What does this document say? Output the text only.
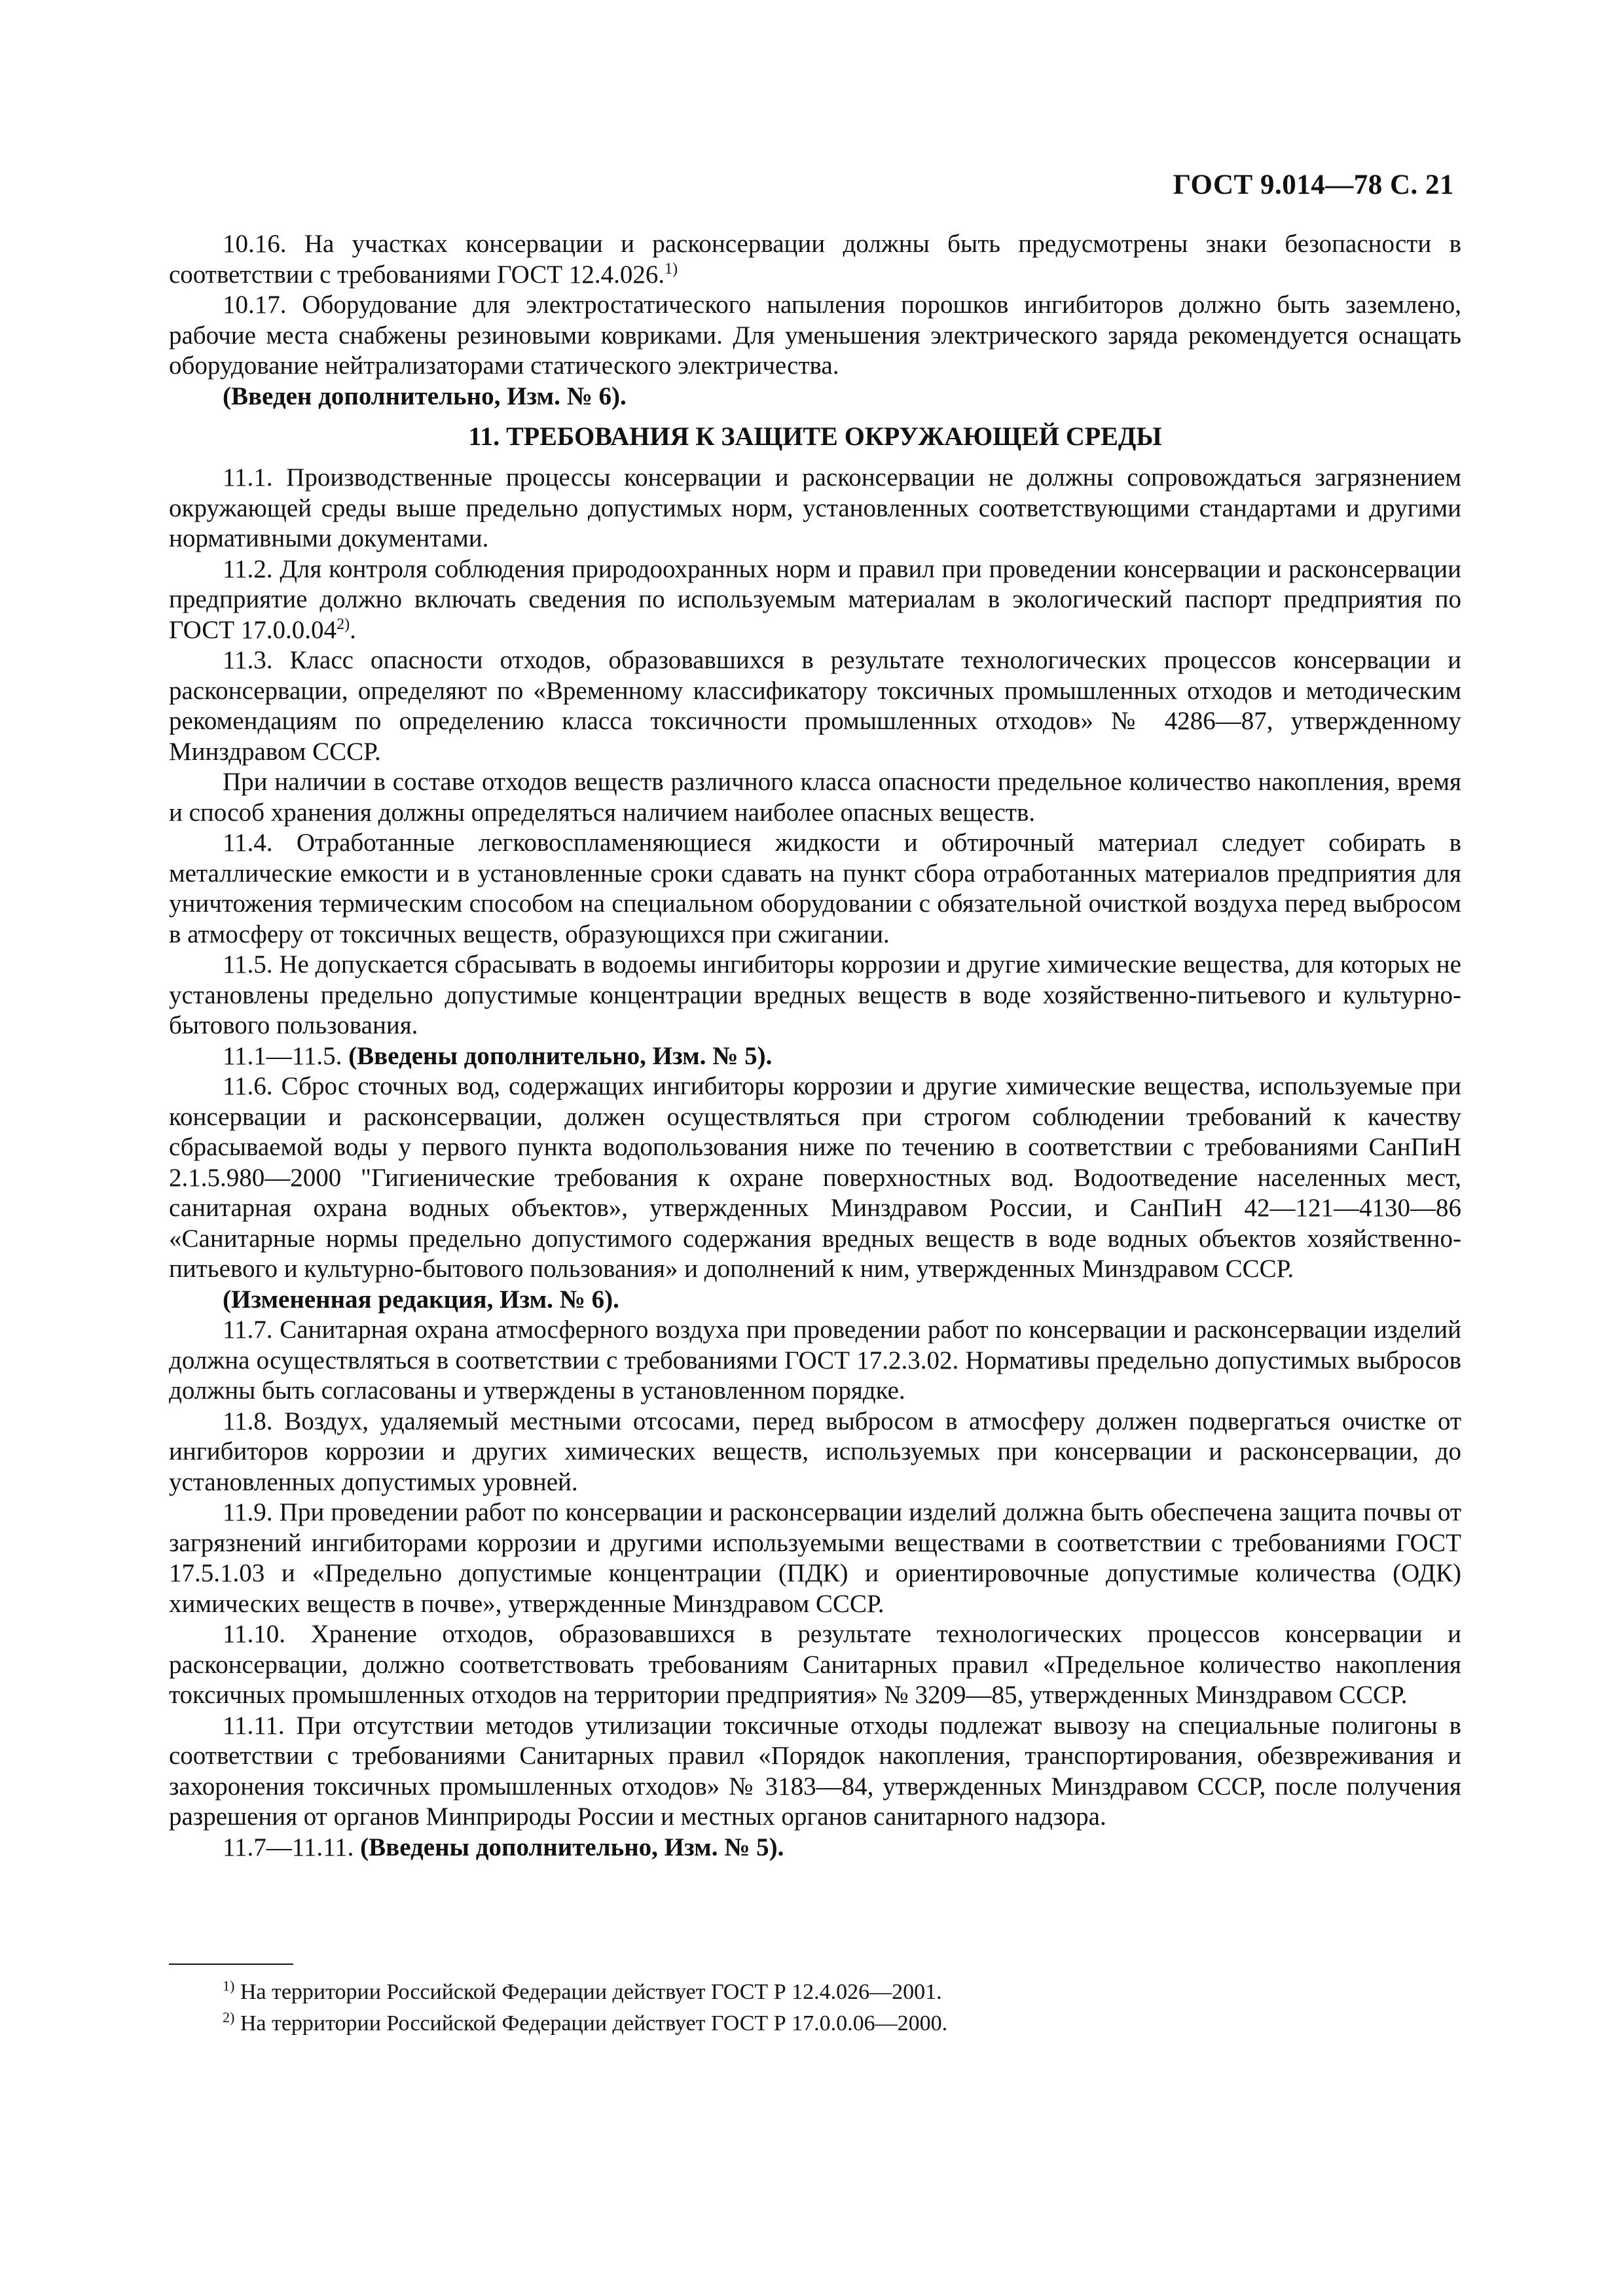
ГОСТ 9.014—78 С. 21

10.16. На участках консервации и расконсервации должны быть предусмотрены знаки безопасности в соответствии с требованиями ГОСТ 12.4.026.$^{1)}$

10.17. Оборудование для электростатического напыления порошков ингибиторов должно быть заземлено, рабочие места снабжены резиновыми ковриками. Для уменьшения электрического заряда рекомендуется оснащать оборудование нейтрализаторами статического электричества.

(Введен дополнительно, Изм. № 6).

11. ТРЕБОВАНИЯ К ЗАЩИТЕ ОКРУЖАЮЩЕЙ СРЕДЫ

11.1. Производственные процессы консервации и расконсервации не должны сопровождаться загрязнением окружающей среды выше предельно допустимых норм, установленных соответствующими стандартами и другими нормативными документами.

11.2. Для контроля соблюдения природоохранных норм и правил при проведении консервации и расконсервации предприятие должно включать сведения по используемым материалам в экологический паспорт предприятия по ГОСТ 17.0.0.04$^{2)}$.

11.3. Класс опасности отходов, образовавшихся в результате технологических процессов консервации и расконсервации, определяют по «Временному классификатору токсичных промышленных отходов и методическим рекомендациям по определению класса токсичности промышленных отходов» № 4286—87, утвержденному Минздравом СССР.

При наличии в составе отходов веществ различного класса опасности предельное количество накопления, время и способ хранения должны определяться наличием наиболее опасных веществ.

11.4. Отработанные легковоспламеняющиеся жидкости и обтирочный материал следует собирать в металлические емкости и в установленные сроки сдавать на пункт сбора отработанных материалов предприятия для уничтожения термическим способом на специальном оборудовании с обязательной очисткой воздуха перед выбросом в атмосферу от токсичных веществ, образующихся при сжигании.

11.5. Не допускается сбрасывать в водоемы ингибиторы коррозии и другие химические вещества, для которых не установлены предельно допустимые концентрации вредных веществ в воде хозяйственно-питьевого и культурно-бытового пользования.

11.1—11.5. (Введены дополнительно, Изм. № 5).

11.6. Сброс сточных вод, содержащих ингибиторы коррозии и другие химические вещества, используемые при консервации и расконсервации, должен осуществляться при строгом соблюдении требований к качеству сбрасываемой воды у первого пункта водопользования ниже по течению в соответствии с требованиями СанПиН 2.1.5.980—2000 "Гигиенические требования к охране поверхностных вод. Водоотведение населенных мест, санитарная охрана водных объектов», утвержденных Минздравом России, и СанПиН 42—121—4130—86 «Санитарные нормы предельно допустимого содержания вредных веществ в воде водных объектов хозяйственно-питьевого и культурно-бытового пользования» и дополнений к ним, утвержденных Минздравом СССР.

(Измененная редакция, Изм. № 6).

11.7. Санитарная охрана атмосферного воздуха при проведении работ по консервации и расконсервации изделий должна осуществляться в соответствии с требованиями ГОСТ 17.2.3.02. Нормативы предельно допустимых выбросов должны быть согласованы и утверждены в установленном порядке.

11.8. Воздух, удаляемый местными отсосами, перед выбросом в атмосферу должен подвергаться очистке от ингибиторов коррозии и других химических веществ, используемых при консервации и расконсервации, до установленных допустимых уровней.

11.9. При проведении работ по консервации и расконсервации изделий должна быть обеспечена защита почвы от загрязнений ингибиторами коррозии и другими используемыми веществами в соответствии с требованиями ГОСТ 17.5.1.03 и «Предельно допустимые концентрации (ПДК) и ориентировочные допустимые количества (ОДК) химических веществ в почве», утвержденные Минздравом СССР.

11.10. Хранение отходов, образовавшихся в результате технологических процессов консервации и расконсервации, должно соответствовать требованиям Санитарных правил «Предельное количество накопления токсичных промышленных отходов на территории предприятия» № 3209—85, утвержденных Минздравом СССР.

11.11. При отсутствии методов утилизации токсичные отходы подлежат вывозу на специальные полигоны в соответствии с требованиями Санитарных правил «Порядок накопления, транспортирования, обезвреживания и захоронения токсичных промышленных отходов» № 3183—84, утвержденных Минздравом СССР, после получения разрешения от органов Минприроды России и местных органов санитарного надзора.

11.7—11.11. (Введены дополнительно, Изм. № 5).

$^{1)}$ На территории Российской Федерации действует ГОСТ Р 12.4.026—2001.

$^{2)}$ На территории Российской Федерации действует ГОСТ Р 17.0.0.06—2000.
